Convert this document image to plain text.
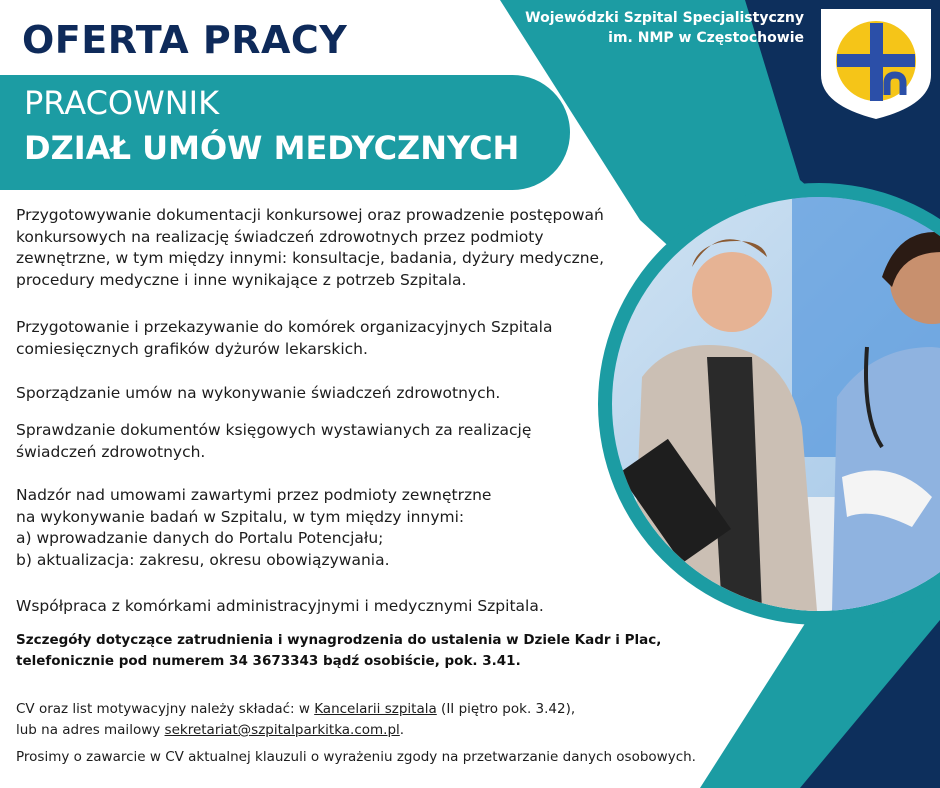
Wojewódzki Szpital Specjalistyczny
im. NMP w Częstochowie
OFERTA PRACY
PRACOWNIK
DZIAŁ UMÓW MEDYCZNYCH
Przygotowywanie dokumentacji konkursowej oraz prowadzenie postępowań
konkursowych na realizację świadczeń zdrowotnych przez podmioty
zewnętrzne, w tym między innymi: konsultacje, badania, dyżury medyczne,
procedury medyczne i inne wynikające z potrzeb Szpitala.
Przygotowanie i przekazywanie do komórek organizacyjnych Szpitala
comiesięcznych grafików dyżurów lekarskich.
Sporządzanie umów na wykonywanie świadczeń zdrowotnych.
Sprawdzanie dokumentów księgowych wystawianych za realizację
świadczeń zdrowotnych.
Nadzór nad umowami zawartymi przez podmioty zewnętrzne
na wykonywanie badań w Szpitalu, w tym między innymi:
a) wprowadzanie danych do Portalu Potencjału;
b) aktualizacja: zakresu, okresu obowiązywania.
Współpraca z komórkami administracyjnymi i medycznymi Szpitala.
Szczegóły dotyczące zatrudnienia i wynagrodzenia do ustalenia w Dziele Kadr i Plac,
telefonicznie pod numerem 34 3673343 bądź osobiście, pok. 3.41.
CV oraz list motywacyjny należy składać: w Kancelarii szpitala (II piętro pok. 3.42),
lub na adres mailowy sekretariat@szpitalparkitka.com.pl.
Prosimy o zawarcie w CV aktualnej klauzuli o wyrażeniu zgody na przetwarzanie danych osobowych.
